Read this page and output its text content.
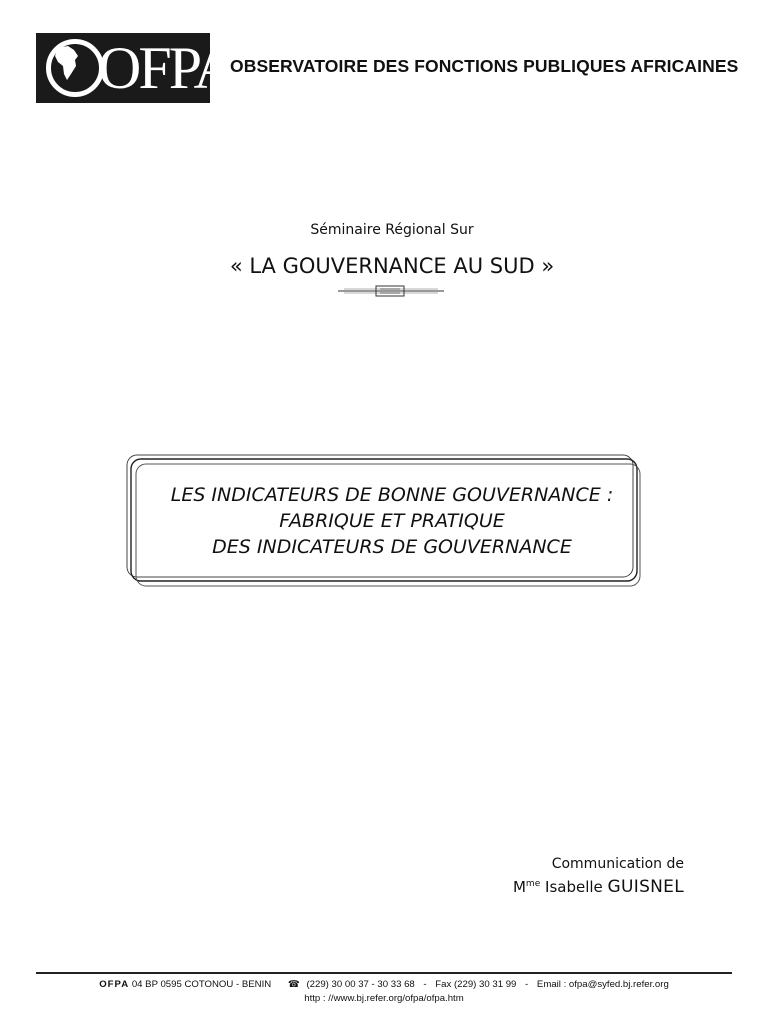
OFPA
OBSERVATOIRE DES FONCTIONS PUBLIQUES AFRICAINES
Séminaire Régional Sur
« LA GOUVERNANCE AU SUD »
LES INDICATEURS DE BONNE GOUVERNANCE :
FABRIQUE ET PRATIQUE
DES INDICATEURS DE GOUVERNANCE
Communication de
$M^{me}$ Isabelle GUISNEL
OFPA 04 BP 0595 COTONOU - BENIN ☎ (229) 30 00 37 - 30 33 68 - Fax (229) 30 31 99 - Email : ofpa@syfed.bj.refer.org
http : //www.bj.refer.org/ofpa/ofpa.htm
